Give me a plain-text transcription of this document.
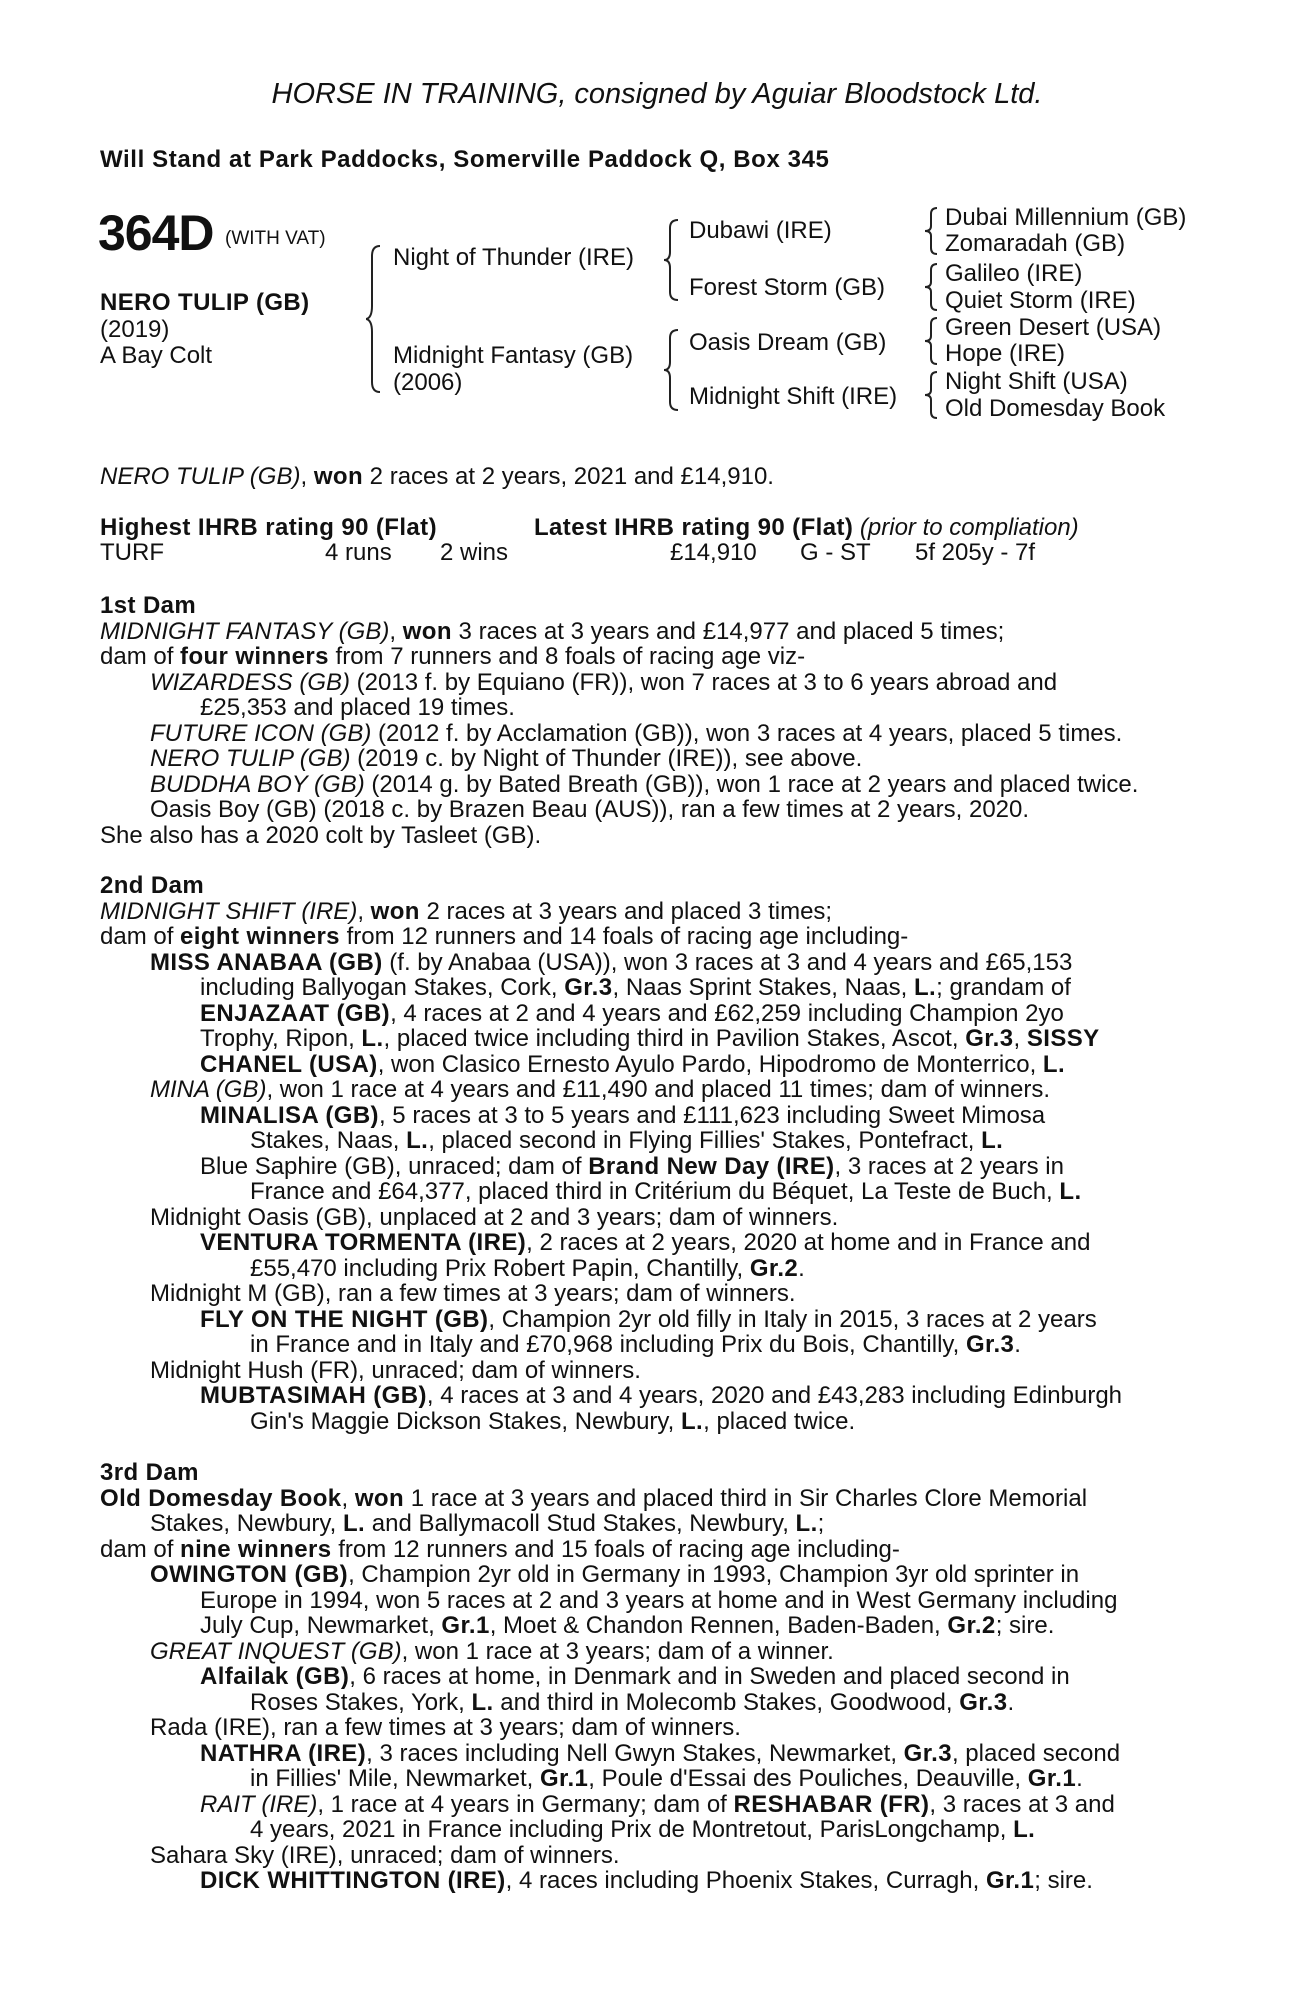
HORSE IN TRAINING, consigned by Aguiar Bloodstock Ltd.
Will Stand at Park Paddocks, Somerville Paddock Q, Box 345
364D (WITH VAT)
NERO TULIP (GB)
(2019)
A Bay Colt
Night of Thunder (IRE)
Midnight Fantasy (GB)
(2006)
Dubawi (IRE)
Forest Storm (GB)
Oasis Dream (GB)
Midnight Shift (IRE)
Dubai Millennium (GB)
Zomaradah (GB)
Galileo (IRE)
Quiet Storm (IRE)
Green Desert (USA)
Hope (IRE)
Night Shift (USA)
Old Domesday Book
NERO TULIP (GB), won 2 races at 2 years, 2021 and £14,910.
Highest IHRB rating 90 (Flat)	Latest IHRB rating 90 (Flat) (prior to compliation)
TURF	4 runs 2 wins	£14,910 G - ST 5f 205y - 7f
1st Dam
MIDNIGHT FANTASY (GB), won 3 races at 3 years and £14,977 and placed 5 times;
dam of four winners from 7 runners and 8 foals of racing age viz-
WIZARDESS (GB) (2013 f. by Equiano (FR)), won 7 races at 3 to 6 years abroad and
£25,353 and placed 19 times.
FUTURE ICON (GB) (2012 f. by Acclamation (GB)), won 3 races at 4 years, placed 5 times.
NERO TULIP (GB) (2019 c. by Night of Thunder (IRE)), see above.
BUDDHA BOY (GB) (2014 g. by Bated Breath (GB)), won 1 race at 2 years and placed twice.
Oasis Boy (GB) (2018 c. by Brazen Beau (AUS)), ran a few times at 2 years, 2020.
She also has a 2020 colt by Tasleet (GB).
2nd Dam
MIDNIGHT SHIFT (IRE), won 2 races at 3 years and placed 3 times;
dam of eight winners from 12 runners and 14 foals of racing age including-
MISS ANABAA (GB) (f. by Anabaa (USA)), won 3 races at 3 and 4 years and £65,153
including Ballyogan Stakes, Cork, Gr.3, Naas Sprint Stakes, Naas, L.; grandam of
ENJAZAAT (GB), 4 races at 2 and 4 years and £62,259 including Champion 2yo
Trophy, Ripon, L., placed twice including third in Pavilion Stakes, Ascot, Gr.3, SISSY
CHANEL (USA), won Clasico Ernesto Ayulo Pardo, Hipodromo de Monterrico, L.
MINA (GB), won 1 race at 4 years and £11,490 and placed 11 times; dam of winners.
MINALISA (GB), 5 races at 3 to 5 years and £111,623 including Sweet Mimosa
Stakes, Naas, L., placed second in Flying Fillies' Stakes, Pontefract, L.
Blue Saphire (GB), unraced; dam of Brand New Day (IRE), 3 races at 2 years in
France and £64,377, placed third in Critérium du Béquet, La Teste de Buch, L.
Midnight Oasis (GB), unplaced at 2 and 3 years; dam of winners.
VENTURA TORMENTA (IRE), 2 races at 2 years, 2020 at home and in France and
£55,470 including Prix Robert Papin, Chantilly, Gr.2.
Midnight M (GB), ran a few times at 3 years; dam of winners.
FLY ON THE NIGHT (GB), Champion 2yr old filly in Italy in 2015, 3 races at 2 years
in France and in Italy and £70,968 including Prix du Bois, Chantilly, Gr.3.
Midnight Hush (FR), unraced; dam of winners.
MUBTASIMAH (GB), 4 races at 3 and 4 years, 2020 and £43,283 including Edinburgh
Gin's Maggie Dickson Stakes, Newbury, L., placed twice.
3rd Dam
Old Domesday Book, won 1 race at 3 years and placed third in Sir Charles Clore Memorial
Stakes, Newbury, L. and Ballymacoll Stud Stakes, Newbury, L.;
dam of nine winners from 12 runners and 15 foals of racing age including-
OWINGTON (GB), Champion 2yr old in Germany in 1993, Champion 3yr old sprinter in
Europe in 1994, won 5 races at 2 and 3 years at home and in West Germany including
July Cup, Newmarket, Gr.1, Moet & Chandon Rennen, Baden-Baden, Gr.2; sire.
GREAT INQUEST (GB), won 1 race at 3 years; dam of a winner.
Alfailak (GB), 6 races at home, in Denmark and in Sweden and placed second in
Roses Stakes, York, L. and third in Molecomb Stakes, Goodwood, Gr.3.
Rada (IRE), ran a few times at 3 years; dam of winners.
NATHRA (IRE), 3 races including Nell Gwyn Stakes, Newmarket, Gr.3, placed second
in Fillies' Mile, Newmarket, Gr.1, Poule d'Essai des Pouliches, Deauville, Gr.1.
RAIT (IRE), 1 race at 4 years in Germany; dam of RESHABAR (FR), 3 races at 3 and
4 years, 2021 in France including Prix de Montretout, ParisLongchamp, L.
Sahara Sky (IRE), unraced; dam of winners.
DICK WHITTINGTON (IRE), 4 races including Phoenix Stakes, Curragh, Gr.1; sire.
